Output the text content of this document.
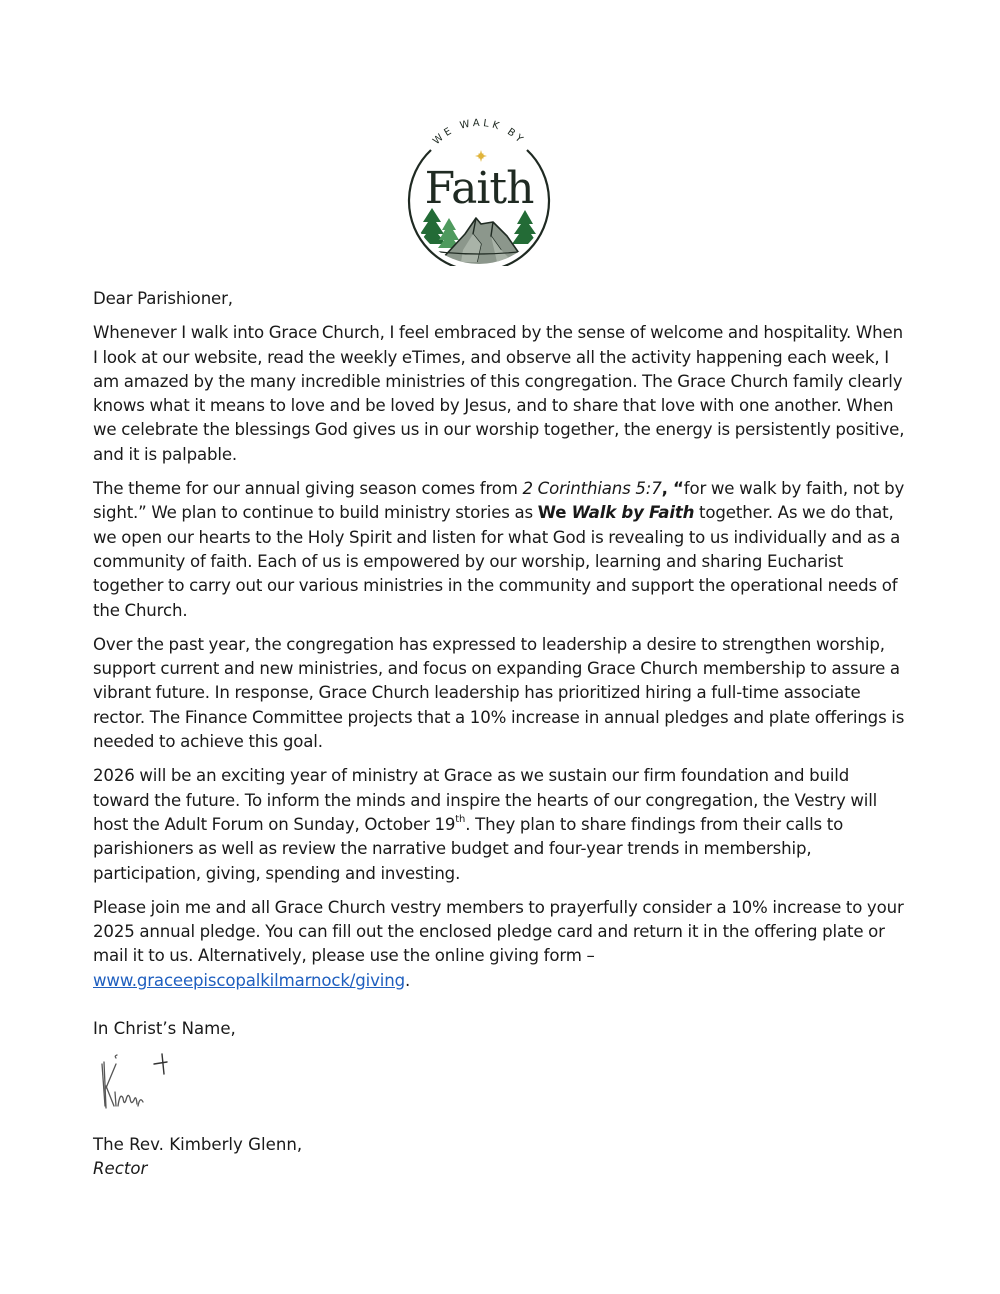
WE WALK BY
Faith

Dear Parishioner,

Whenever I walk into Grace Church, I feel embraced by the sense of welcome and hospitality. When I look at our website, read the weekly eTimes, and observe all the activity happening each week, I am amazed by the many incredible ministries of this congregation. The Grace Church family clearly knows what it means to love and be loved by Jesus, and to share that love with one another. When we celebrate the blessings God gives us in our worship together, the energy is persistently positive, and it is palpable.

The theme for our annual giving season comes from 2 Corinthians 5:7, “for we walk by faith, not by sight.” We plan to continue to build ministry stories as We Walk by Faith together. As we do that, we open our hearts to the Holy Spirit and listen for what God is revealing to us individually and as a community of faith. Each of us is empowered by our worship, learning and sharing Eucharist together to carry out our various ministries in the community and support the operational needs of the Church.

Over the past year, the congregation has expressed to leadership a desire to strengthen worship, support current and new ministries, and focus on expanding Grace Church membership to assure a vibrant future. In response, Grace Church leadership has prioritized hiring a full-time associate rector. The Finance Committee projects that a 10% increase in annual pledges and plate offerings is needed to achieve this goal.

2026 will be an exciting year of ministry at Grace as we sustain our firm foundation and build toward the future. To inform the minds and inspire the hearts of our congregation, the Vestry will host the Adult Forum on Sunday, October 19th. They plan to share findings from their calls to parishioners as well as review the narrative budget and four-year trends in membership, participation, giving, spending and investing.

Please join me and all Grace Church vestry members to prayerfully consider a 10% increase to your 2025 annual pledge. You can fill out the enclosed pledge card and return it in the offering plate or mail it to us. Alternatively, please use the online giving form – www.graceepiscopalkilmarnock/giving.

In Christ’s Name,
The Rev. Kimberly Glenn,
Rector
